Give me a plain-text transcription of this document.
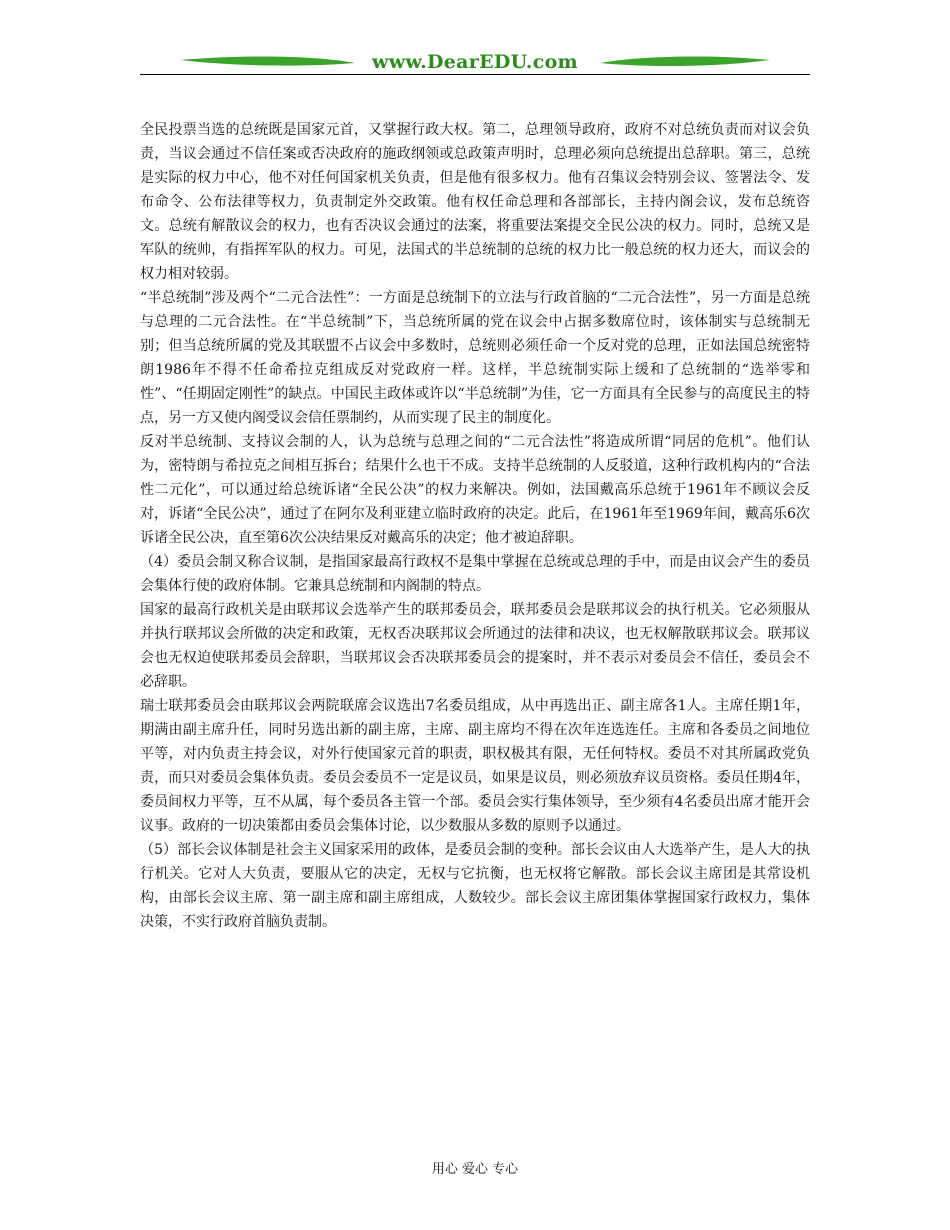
www.DearEDU.com

全民投票当选的总统既是国家元首，又掌握行政大权。第二，总理领导政府，政府不对总统负责而对议会负责，当议会通过不信任案或否决政府的施政纲领或总政策声明时，总理必须向总统提出总辞职。第三，总统是实际的权力中心，他不对任何国家机关负责，但是他有很多权力。他有召集议会特别会议、签署法令、发布命令、公布法律等权力，负责制定外交政策。他有权任命总理和各部部长，主持内阁会议，发布总统咨文。总统有解散议会的权力，也有否决议会通过的法案，将重要法案提交全民公决的权力。同时，总统又是军队的统帅，有指挥军队的权力。可见，法国式的半总统制的总统的权力比一般总统的权力还大，而议会的权力相对较弱。

“半总统制”涉及两个“二元合法性”：一方面是总统制下的立法与行政首脑的“二元合法性”，另一方面是总统与总理的二元合法性。在“半总统制”下，当总统所属的党在议会中占据多数席位时，该体制实与总统制无别；但当总统所属的党及其联盟不占议会中多数时，总统则必须任命一个反对党的总理，正如法国总统密特朗1986年不得不任命希拉克组成反对党政府一样。这样，半总统制实际上缓和了总统制的“选举零和性”、“任期固定刚性”的缺点。中国民主政体或许以“半总统制”为佳，它一方面具有全民参与的高度民主的特点，另一方又使内阁受议会信任票制约，从而实现了民主的制度化。

反对半总统制、支持议会制的人，认为总统与总理之间的“二元合法性”将造成所谓“同居的危机”。他们认为，密特朗与希拉克之间相互拆台；结果什么也干不成。支持半总统制的人反驳道，这种行政机构内的“合法性二元化”，可以通过给总统诉诸“全民公决”的权力来解决。例如，法国戴高乐总统于1961年不顾议会反对，诉诸“全民公决”，通过了在阿尔及利亚建立临时政府的决定。此后，在1961年至1969年间，戴高乐6次诉诸全民公决，直至第6次公决结果反对戴高乐的决定；他才被迫辞职。

（4）委员会制又称合议制，是指国家最高行政权不是集中掌握在总统或总理的手中，而是由议会产生的委员会集体行使的政府体制。它兼具总统制和内阁制的特点。

国家的最高行政机关是由联邦议会选举产生的联邦委员会，联邦委员会是联邦议会的执行机关。它必须服从并执行联邦议会所做的决定和政策，无权否决联邦议会所通过的法律和决议，也无权解散联邦议会。联邦议会也无权迫使联邦委员会辞职，当联邦议会否决联邦委员会的提案时，并不表示对委员会不信任，委员会不必辞职。

瑞士联邦委员会由联邦议会两院联席会议选出7名委员组成，从中再选出正、副主席各1人。主席任期1年，期满由副主席升任，同时另选出新的副主席，主席、副主席均不得在次年连选连任。主席和各委员之间地位平等，对内负责主持会议，对外行使国家元首的职责，职权极其有限，无任何特权。委员不对其所属政党负责，而只对委员会集体负责。委员会委员不一定是议员，如果是议员，则必须放弃议员资格。委员任期4年，委员间权力平等，互不从属，每个委员各主管一个部。委员会实行集体领导，至少须有4名委员出席才能开会议事。政府的一切决策都由委员会集体讨论，以少数服从多数的原则予以通过。

（5）部长会议体制是社会主义国家采用的政体，是委员会制的变种。部长会议由人大选举产生，是人大的执行机关。它对人大负责，要服从它的决定，无权与它抗衡，也无权将它解散。部长会议主席团是其常设机构，由部长会议主席、第一副主席和副主席组成，人数较少。部长会议主席团集体掌握国家行政权力，集体决策，不实行政府首脑负责制。

用心 爱心 专心
